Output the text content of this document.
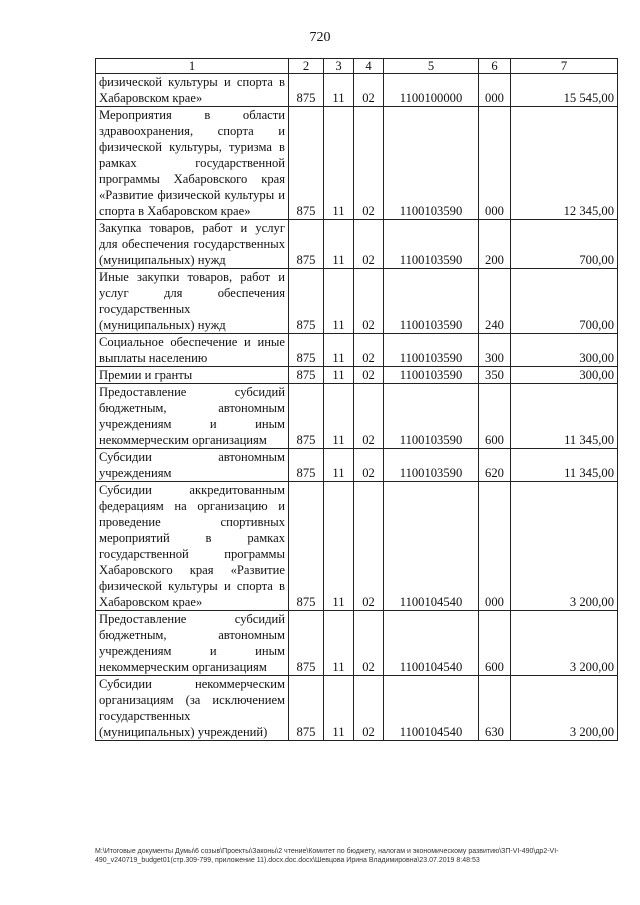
720
1	2	3	4	5	6	7
физической культуры и спорта в Хабаровском крае»	875	11	02	1100100000	000	15 545,00
Мероприятия в области здравоохранения, спорта и физической культуры, туризма в рамках государственной программы Хабаровского края «Развитие физической культуры и спорта в Хабаровском крае»	875	11	02	1100103590	000	12 345,00
Закупка товаров, работ и услуг для обеспечения государственных (муниципальных) нужд	875	11	02	1100103590	200	700,00
Иные закупки товаров, работ и услуг для обеспечения государственных (муниципальных) нужд	875	11	02	1100103590	240	700,00
Социальное обеспечение и иные выплаты населению	875	11	02	1100103590	300	300,00
Премии и гранты	875	11	02	1100103590	350	300,00
Предоставление субсидий бюджетным, автономным учреждениям и иным некоммерческим организациям	875	11	02	1100103590	600	11 345,00
Субсидии автономным учреждениям	875	11	02	1100103590	620	11 345,00
Субсидии аккредитованным федерациям на организацию и проведение спортивных мероприятий в рамках государственной программы Хабаровского края «Развитие физической культуры и спорта в Хабаровском крае»	875	11	02	1100104540	000	3 200,00
Предоставление субсидий бюджетным, автономным учреждениям и иным некоммерческим организациям	875	11	02	1100104540	600	3 200,00
Субсидии некоммерческим организациям (за исключением государственных (муниципальных) учреждений)	875	11	02	1100104540	630	3 200,00
M:\Итоговые документы Думы\6 созыв\Проекты\Законы\2 чтение\Комитет по бюджету, налогам и экономическому развитию\ЗП-VI-490\др2-VI-
490_v240719_budget01(стр.309-799, приложение 11).docx.doc.docx\Шевцова Ирина Владимировна\23.07.2019 8:48:53
